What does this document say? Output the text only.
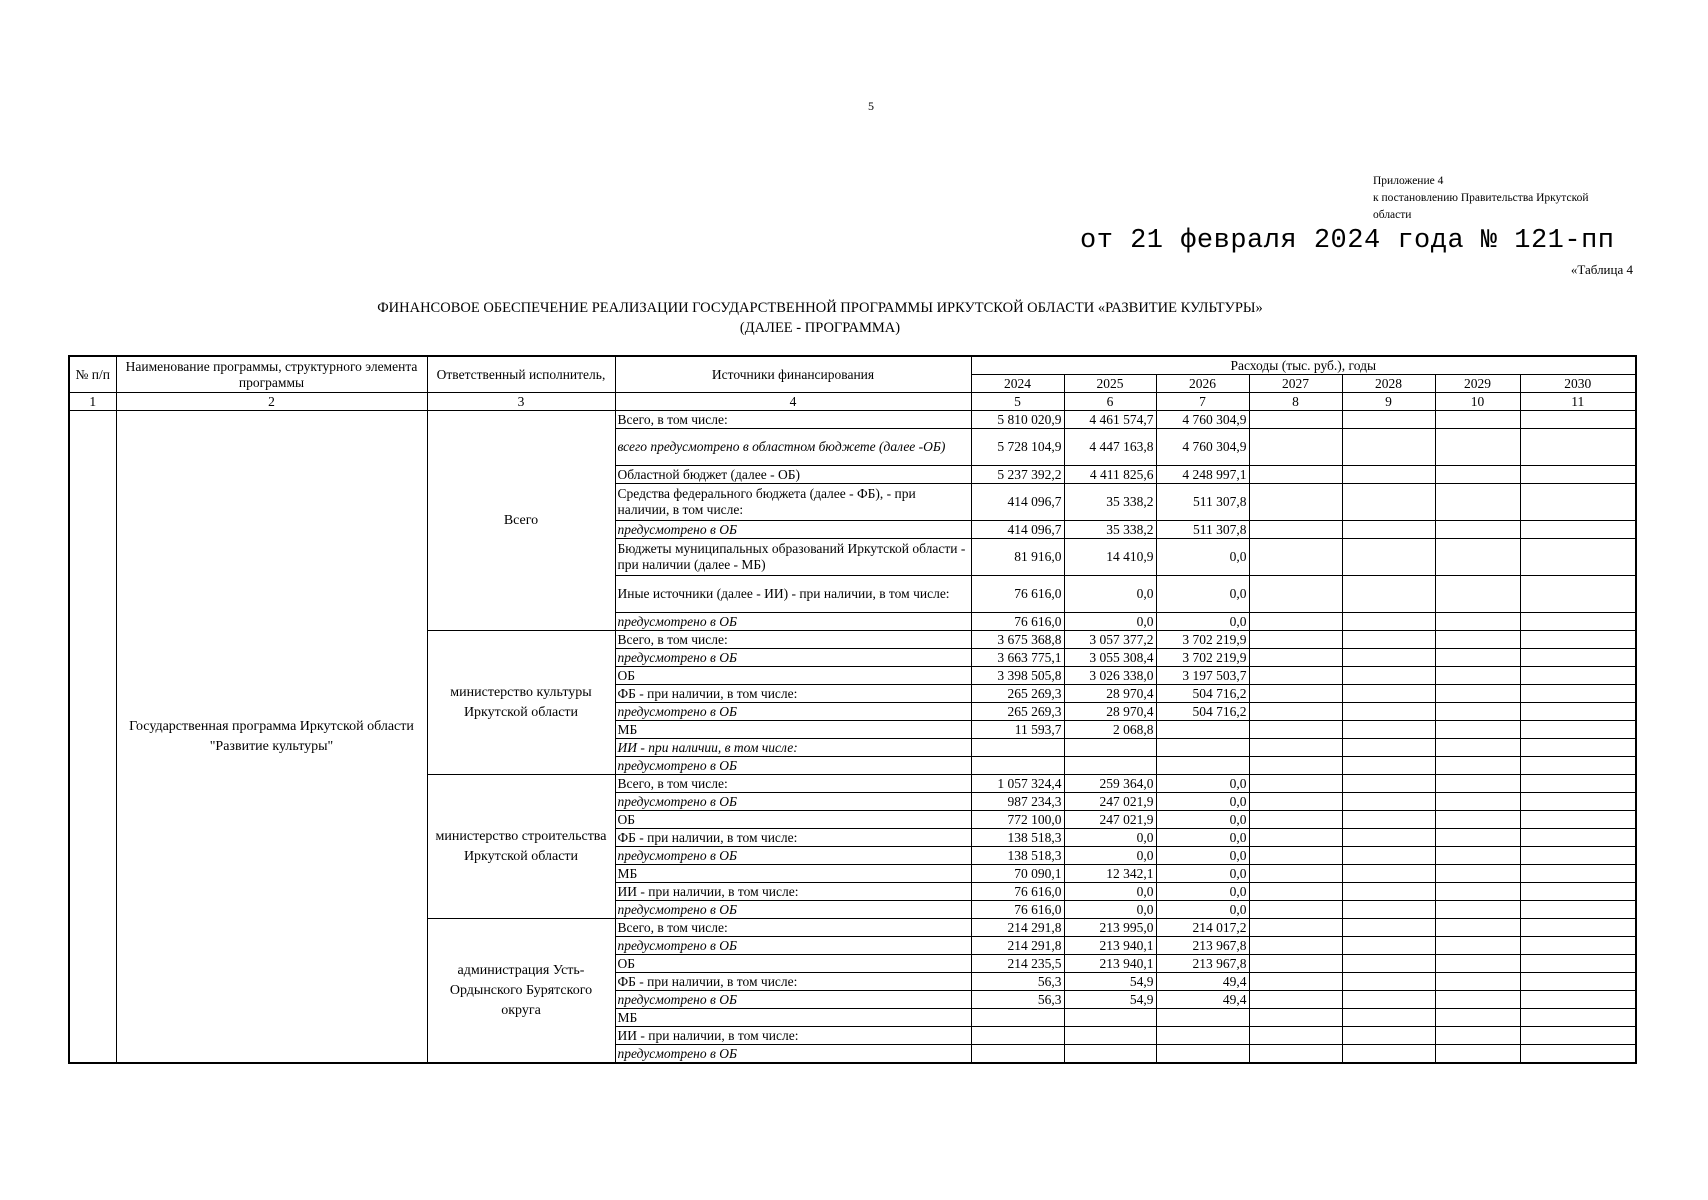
5
Приложение 4
к постановлению Правительства Иркутской
области
от 21 февраля 2024 года № 121-пп
«Таблица 4
ФИНАНСОВОЕ ОБЕСПЕЧЕНИЕ РЕАЛИЗАЦИИ ГОСУДАРСТВЕННОЙ ПРОГРАММЫ ИРКУТСКОЙ ОБЛАСТИ «РАЗВИТИЕ КУЛЬТУРЫ»
(ДАЛЕЕ - ПРОГРАММА)
№ п/п	Наименование программы, структурного элемента программы	Ответственный исполнитель,	Источники финансирования	Расходы (тыс. руб.), годы						
				2024	2025	2026	2027	2028	2029	2030
1	2	3	4	5	6	7	8	9	10	11
	Государственная программа Иркутской области "Развитие культуры"	Всего	Всего, в том числе:	5 810 020,9	4 461 574,7	4 760 304,9				
			всего предусмотрено в областном бюджете (далее -ОБ)	5 728 104,9	4 447 163,8	4 760 304,9				
			Областной бюджет (далее - ОБ)	5 237 392,2	4 411 825,6	4 248 997,1				
			Средства федерального бюджета (далее - ФБ), - при наличии, в том числе:	414 096,7	35 338,2	511 307,8				
			предусмотрено в ОБ	414 096,7	35 338,2	511 307,8				
			Бюджеты муниципальных образований Иркутской области - при наличии (далее - МБ)	81 916,0	14 410,9	0,0				
			Иные источники (далее - ИИ) - при наличии, в том числе:	76 616,0	0,0	0,0				
			предусмотрено в ОБ	76 616,0	0,0	0,0				
		министерство культуры Иркутской области	Всего, в том числе:	3 675 368,8	3 057 377,2	3 702 219,9				
			предусмотрено в ОБ	3 663 775,1	3 055 308,4	3 702 219,9				
			ОБ	3 398 505,8	3 026 338,0	3 197 503,7				
			ФБ - при наличии, в том числе:	265 269,3	28 970,4	504 716,2				
			предусмотрено в ОБ	265 269,3	28 970,4	504 716,2				
			МБ	11 593,7	2 068,8					
			ИИ - при наличии, в том числе:							
			предусмотрено в ОБ							
		министерство строительства Иркутской области	Всего, в том числе:	1 057 324,4	259 364,0	0,0				
			предусмотрено в ОБ	987 234,3	247 021,9	0,0				
			ОБ	772 100,0	247 021,9	0,0				
			ФБ - при наличии, в том числе:	138 518,3	0,0	0,0				
			предусмотрено в ОБ	138 518,3	0,0	0,0				
			МБ	70 090,1	12 342,1	0,0				
			ИИ - при наличии, в том числе:	76 616,0	0,0	0,0				
			предусмотрено в ОБ	76 616,0	0,0	0,0				
		администрация Усть-Ордынского Бурятского округа	Всего, в том числе:	214 291,8	213 995,0	214 017,2				
			предусмотрено в ОБ	214 291,8	213 940,1	213 967,8				
			ОБ	214 235,5	213 940,1	213 967,8				
			ФБ - при наличии, в том числе:	56,3	54,9	49,4				
			предусмотрено в ОБ	56,3	54,9	49,4				
			МБ							
			ИИ - при наличии, в том числе:							
			предусмотрено в ОБ							
